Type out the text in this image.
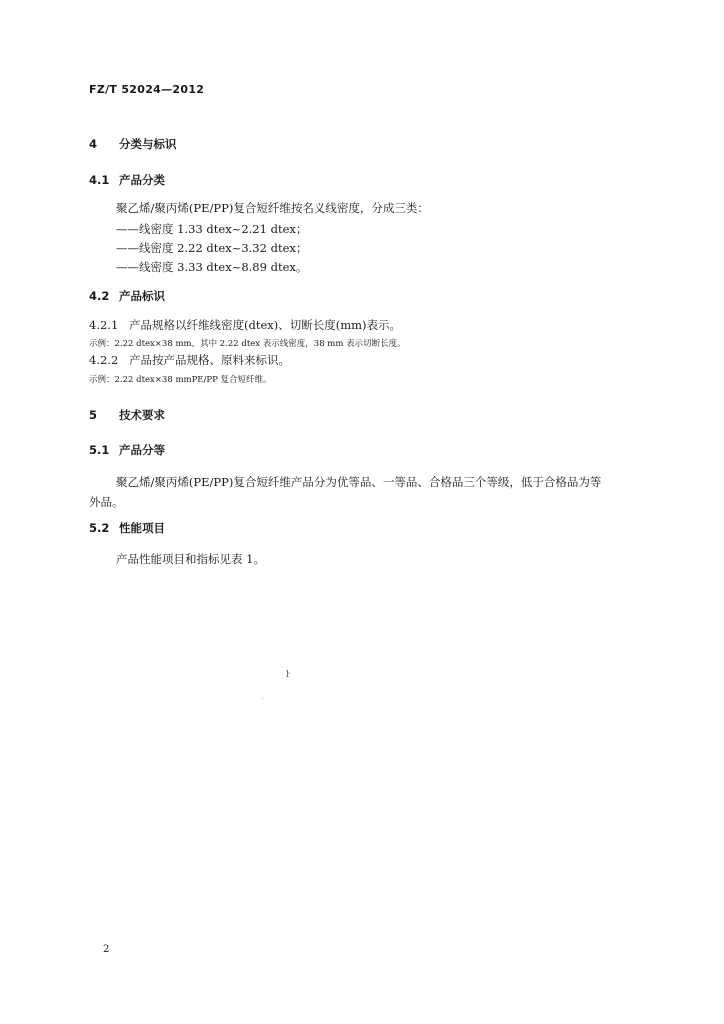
FZ/T 52024—2012
4 分类与标识
4.1 产品分类
聚乙烯/聚丙烯(PE/PP)复合短纤维按名义线密度，分成三类：
——线密度 1.33 dtex~2.21 dtex；
——线密度 2.22 dtex~3.32 dtex；
——线密度 3.33 dtex~8.89 dtex。
4.2 产品标识
4.2.1 产品规格以纤维线密度(dtex)、切断长度(mm)表示。
示例：2.22 dtex×38 mm，其中 2.22 dtex 表示线密度，38 mm 表示切断长度。
4.2.2 产品按产品规格、原料来标识。
示例：2.22 dtex×38 mmPE/PP 复合短纤维。
5 技术要求
5.1 产品分等
聚乙烯/聚丙烯(PE/PP)复合短纤维产品分为优等品、一等品、合格品三个等级，低于合格品为等
外品。
5.2 性能项目
产品性能项目和指标见表 1。
ŀ
2
